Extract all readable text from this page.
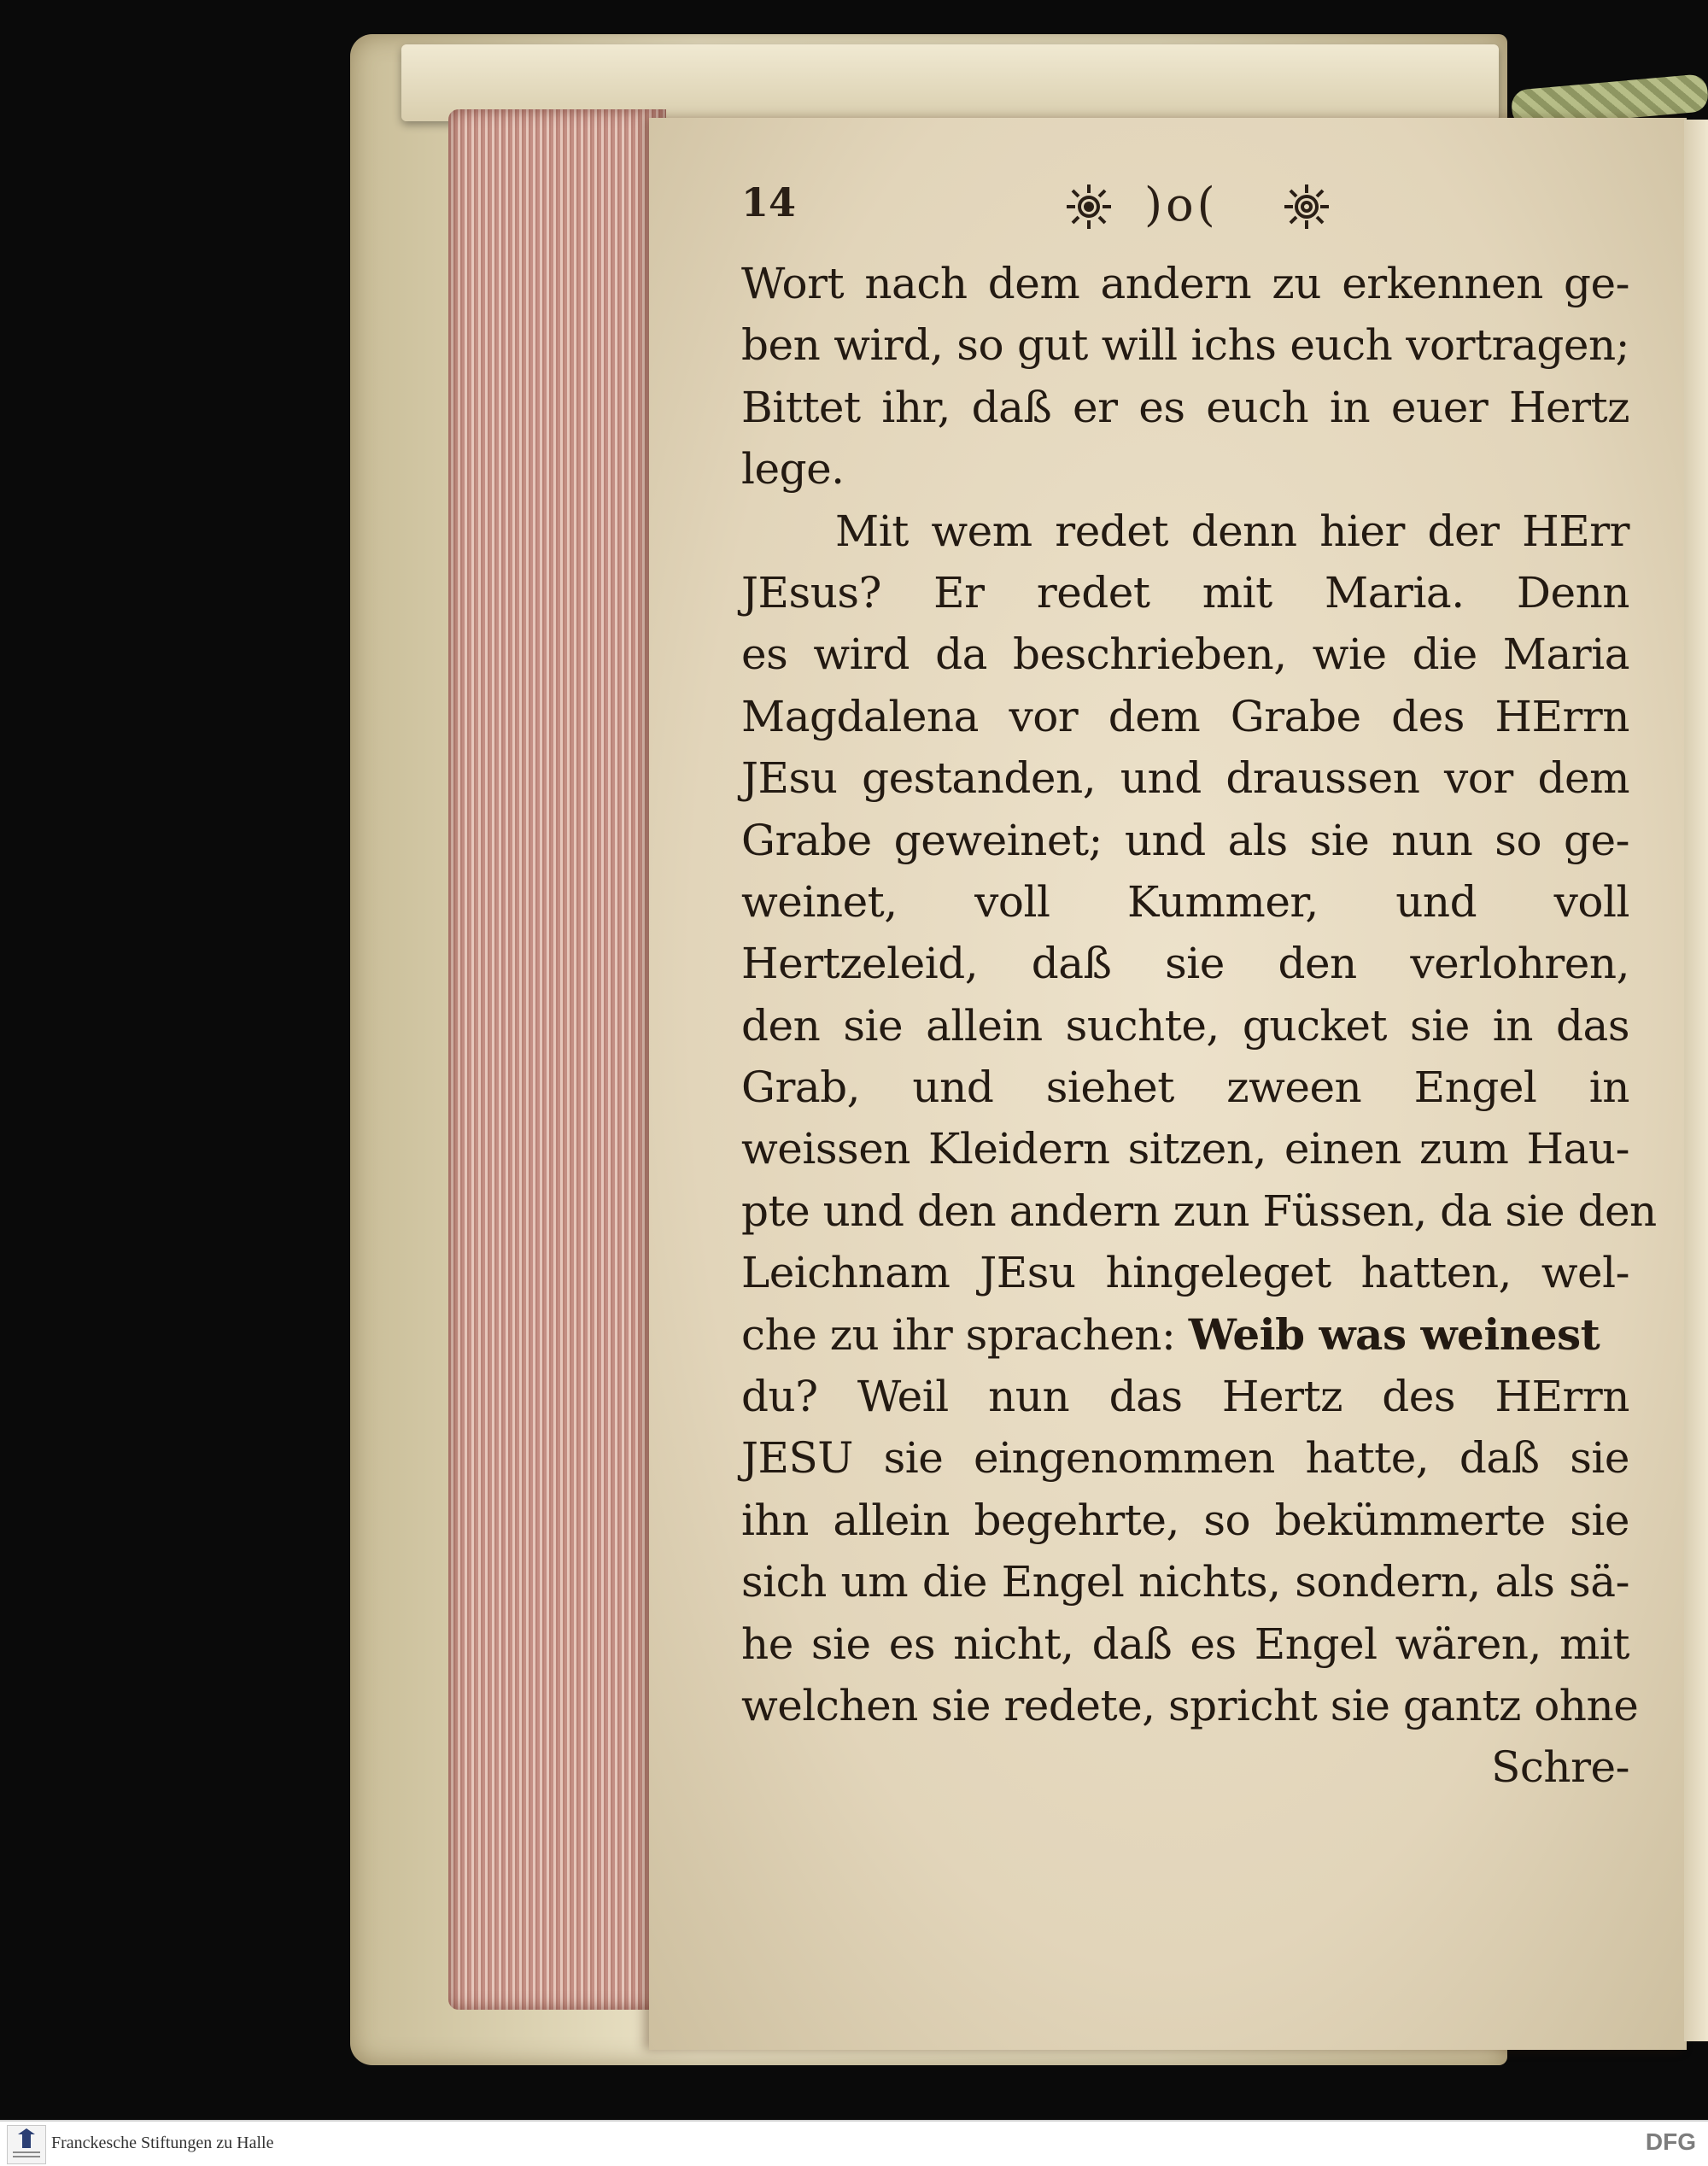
14	)o(
Wort nach dem andern zu erkennen ge-
ben wird, so gut will ichs euch vortragen;
Bittet ihr, daß er es euch in euer Hertz
lege.
Mit wem redet denn hier der HErr
JEsus? Er redet mit Maria. Denn
es wird da beschrieben, wie die Maria
Magdalena vor dem Grabe des HErrn
JEsu gestanden, und draussen vor dem
Grabe geweinet; und als sie nun so ge-
weinet, voll Kummer, und voll
Hertzeleid, daß sie den verlohren,
den sie allein suchte, gucket sie in das
Grab, und siehet zween Engel in
weissen Kleidern sitzen, einen zum Hau-
pte und den andern zun Füssen, da sie den
Leichnam JEsu hingeleget hatten, wel-
che zu ihr sprachen: Weib was weinest
du? Weil nun das Hertz des HErrn
JESU sie eingenommen hatte, daß sie
ihn allein begehrte, so bekümmerte sie
sich um die Engel nichts, sondern, als sä-
he sie es nicht, daß es Engel wären, mit
welchen sie redete, spricht sie gantz ohne
Schre-
Franckesche Stiftungen zu Halle	DFG
